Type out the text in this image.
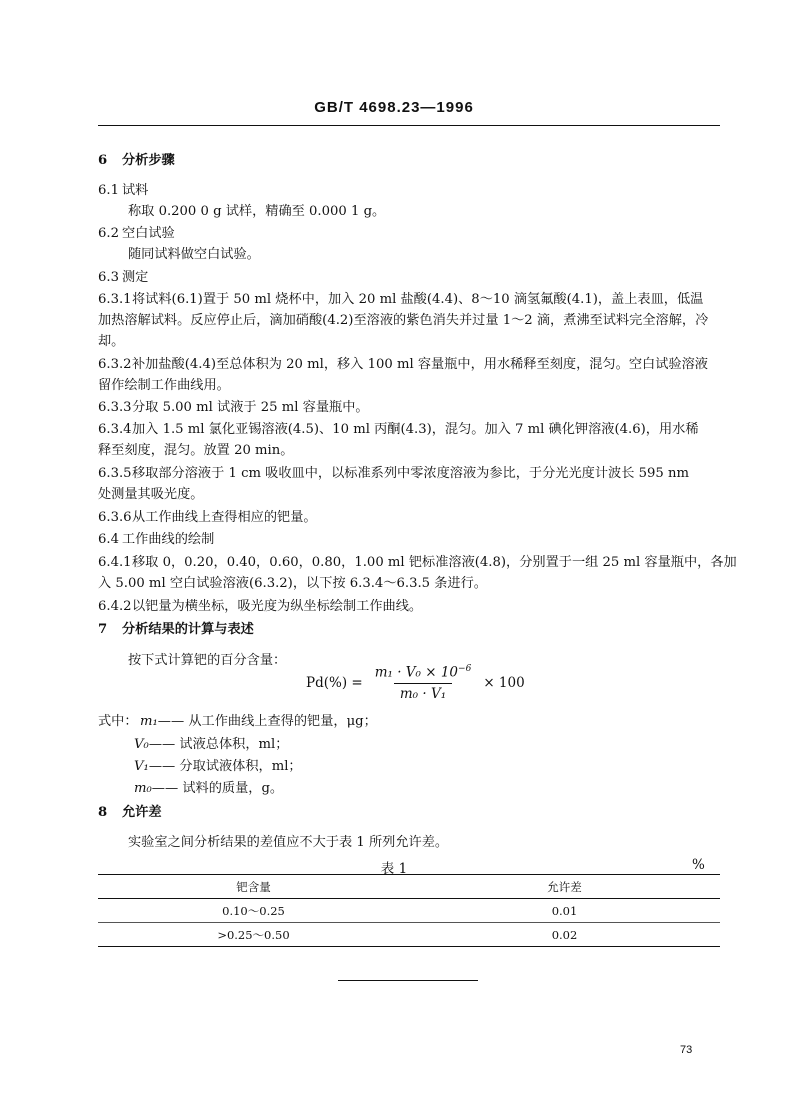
GB/T 4698.23—1996
6 分析步骤
6.1 试料
称取 0.200 0 g 试样，精确至 0.000 1 g。
6.2 空白试验
随同试料做空白试验。
6.3 测定
6.3.1将试料(6.1)置于 50 ml 烧杯中，加入 20 ml 盐酸(4.4)、8～10 滴氢氟酸(4.1)，盖上表皿，低温
加热溶解试料。反应停止后，滴加硝酸(4.2)至溶液的紫色消失并过量 1～2 滴，煮沸至试料完全溶解，冷
却。
6.3.2补加盐酸(4.4)至总体积为 20 ml，移入 100 ml 容量瓶中，用水稀释至刻度，混匀。空白试验溶液
留作绘制工作曲线用。
6.3.3分取 5.00 ml 试液于 25 ml 容量瓶中。
6.3.4加入 1.5 ml 氯化亚锡溶液(4.5)、10 ml 丙酮(4.3)，混匀。加入 7 ml 碘化钾溶液(4.6)，用水稀
释至刻度，混匀。放置 20 min。
6.3.5移取部分溶液于 1 cm 吸收皿中，以标准系列中零浓度溶液为参比，于分光光度计波长 595 nm
处测量其吸光度。
6.3.6从工作曲线上查得相应的钯量。
6.4 工作曲线的绘制
6.4.1移取 0，0.20，0.40，0.60，0.80，1.00 ml 钯标准溶液(4.8)，分别置于一组 25 ml 容量瓶中，各加
入 5.00 ml 空白试验溶液(6.3.2)，以下按 6.3.4～6.3.5 条进行。
6.4.2以钯量为横坐标，吸光度为纵坐标绘制工作曲线。
7 分析结果的计算与表述
按下式计算钯的百分含量：
$Pd(\%) = \frac{m_1 \cdot V_0 \times 10^{-6}}{\text{m₀ · V₁}} \times 100$
式中： m₁—— 从工作曲线上查得的钯量，μg；
V₀—— 试液总体积，ml；
V₁—— 分取试液体积，ml；
m₀—— 试料的质量，g。
8 允许差
实验室之间分析结果的差值应不大于表 1 所列允许差。
表 1	%
钯含量	允许差
0.10～0.25	0.01
>0.25～0.50	0.02
73
